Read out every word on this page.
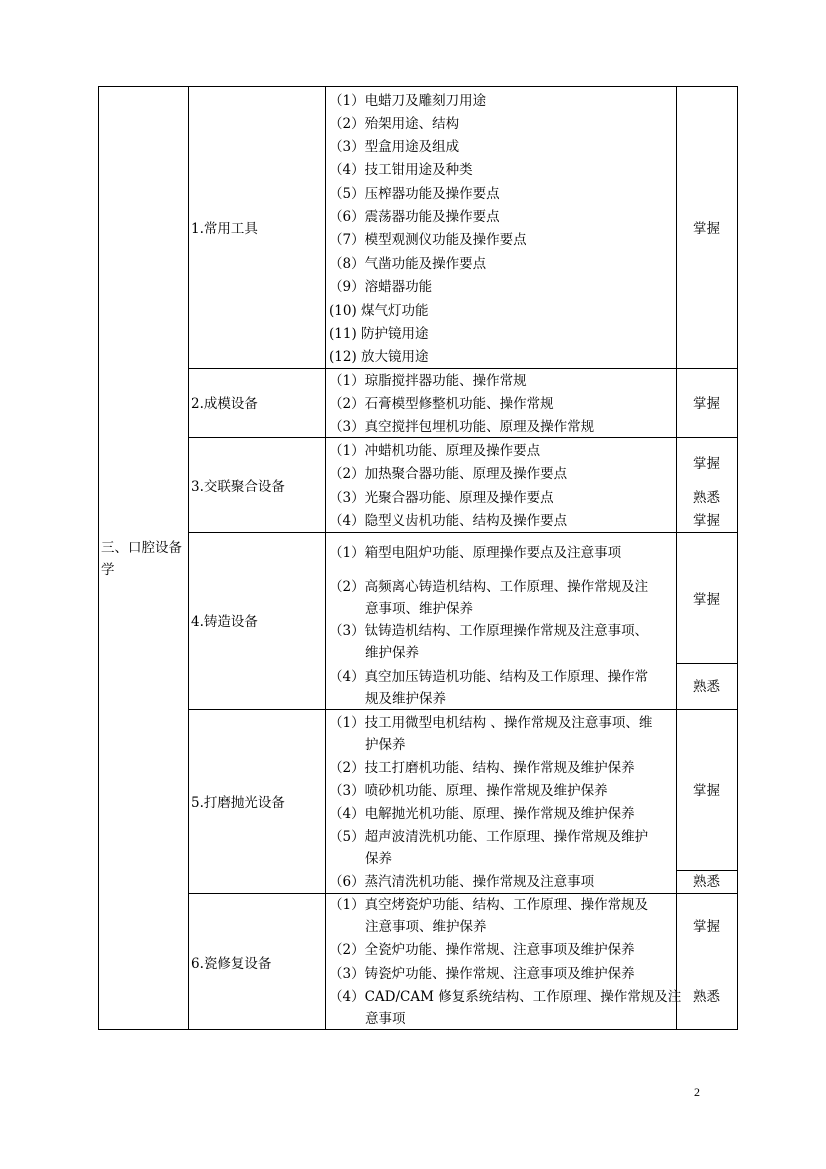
三、口腔设备
学
1.常用工具
（1）电蜡刀及雕刻刀用途
（2）殆架用途、结构
（3）型盒用途及组成
（4）技工钳用途及种类
（5）压榨器功能及操作要点
（6）震荡器功能及操作要点
（7）模型观测仪功能及操作要点
（8）气凿功能及操作要点
（9）溶蜡器功能
(10) 煤气灯功能
(11) 防护镜用途
(12) 放大镜用途
掌握
2.成模设备
（1）琼脂搅拌器功能、操作常规
（2）石膏模型修整机功能、操作常规
（3）真空搅拌包埋机功能、原理及操作常规
掌握
3.交联聚合设备
（1）冲蜡机功能、原理及操作要点
（2）加热聚合器功能、原理及操作要点
（3）光聚合器功能、原理及操作要点
（4）隐型义齿机功能、结构及操作要点
掌握
熟悉
掌握
4.铸造设备
（1）箱型电阻炉功能、原理操作要点及注意事项
（2）高频离心铸造机结构、工作原理、操作常规及注
意事项、维护保养
（3）钛铸造机结构、工作原理操作常规及注意事项、
维护保养
（4）真空加压铸造机功能、结构及工作原理、操作常
规及维护保养
掌握
熟悉
5.打磨抛光设备
（1）技工用微型电机结构 、操作常规及注意事项、维
护保养
（2）技工打磨机功能、结构、操作常规及维护保养
（3）喷砂机功能、原理、操作常规及维护保养
（4）电解抛光机功能、原理、操作常规及维护保养
（5）超声波清洗机功能、工作原理、操作常规及维护
保养
（6）蒸汽清洗机功能、操作常规及注意事项
掌握
熟悉
6.瓷修复设备
（1）真空烤瓷炉功能、结构、工作原理、操作常规及
注意事项、维护保养
（2）全瓷炉功能、操作常规、注意事项及维护保养
（3）铸瓷炉功能、操作常规、注意事项及维护保养
（4）CAD/CAM 修复系统结构、工作原理、操作常规及注
意事项
掌握
熟悉
2
